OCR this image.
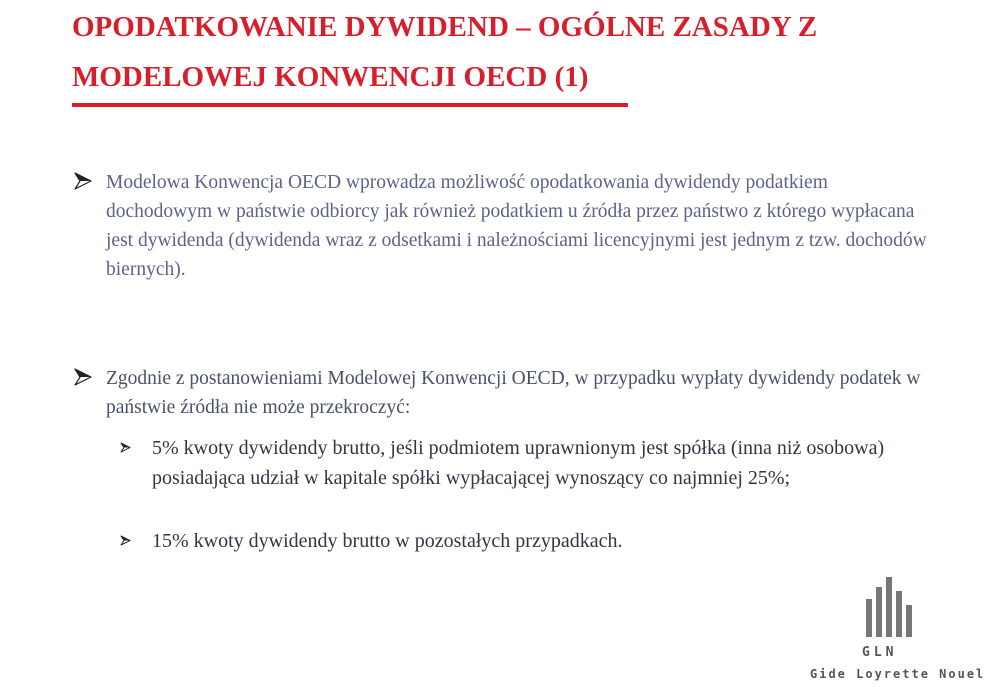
OPODATKOWANIE DYWIDEND – OGÓLNE ZASADY Z MODELOWEJ KONWENCJI OECD (1)
Modelowa Konwencja OECD wprowadza możliwość opodatkowania dywidendy podatkiem dochodowym w państwie odbiorcy jak również podatkiem u źródła przez państwo z którego wypłacana jest dywidenda (dywidenda wraz z odsetkami i należnościami licencyjnymi jest jednym z tzw. dochodów biernych).
Zgodnie z postanowieniami Modelowej Konwencji OECD, w przypadku wypłaty dywidendy podatek w państwie źródła nie może przekroczyć:
5% kwoty dywidendy brutto, jeśli podmiotem uprawnionym jest spółka (inna niż osobowa) posiadająca udział w kapitale spółki wypłacającej wynoszący co najmniej 25%;
15% kwoty dywidendy brutto w pozostałych przypadkach.
GLN
Gide Loyrette Nouel
